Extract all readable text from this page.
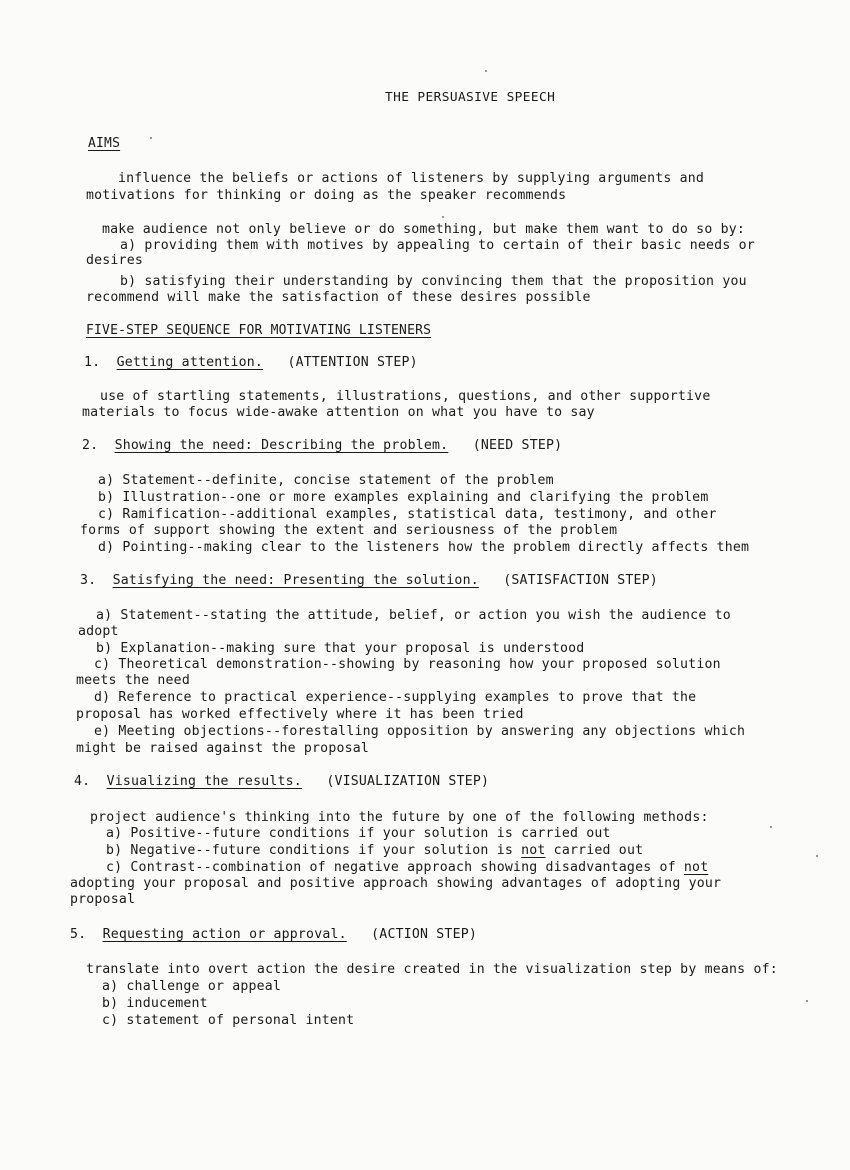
THE PERSUASIVE SPEECH
AIMS
influence the beliefs or actions of listeners by supplying arguments and
motivations for thinking or doing as the speaker recommends
make audience not only believe or do something, but make them want to do so by:
a) providing them with motives by appealing to certain of their basic needs or
desires
b) satisfying their understanding by convincing them that the proposition you
recommend will make the satisfaction of these desires possible
FIVE-STEP SEQUENCE FOR MOTIVATING LISTENERS
1. Getting attention. (ATTENTION STEP)
use of startling statements, illustrations, questions, and other supportive
materials to focus wide-awake attention on what you have to say
2. Showing the need: Describing the problem. (NEED STEP)
a) Statement--definite, concise statement of the problem
b) Illustration--one or more examples explaining and clarifying the problem
c) Ramification--additional examples, statistical data, testimony, and other
forms of support showing the extent and seriousness of the problem
d) Pointing--making clear to the listeners how the problem directly affects them
3. Satisfying the need: Presenting the solution. (SATISFACTION STEP)
a) Statement--stating the attitude, belief, or action you wish the audience to
adopt
b) Explanation--making sure that your proposal is understood
c) Theoretical demonstration--showing by reasoning how your proposed solution
meets the need
d) Reference to practical experience--supplying examples to prove that the
proposal has worked effectively where it has been tried
e) Meeting objections--forestalling opposition by answering any objections which
might be raised against the proposal
4. Visualizing the results. (VISUALIZATION STEP)
project audience's thinking into the future by one of the following methods:
a) Positive--future conditions if your solution is carried out
b) Negative--future conditions if your solution is not carried out
c) Contrast--combination of negative approach showing disadvantages of not
adopting your proposal and positive approach showing advantages of adopting your
proposal
5. Requesting action or approval. (ACTION STEP)
translate into overt action the desire created in the visualization step by means of:
a) challenge or appeal
b) inducement
c) statement of personal intent
